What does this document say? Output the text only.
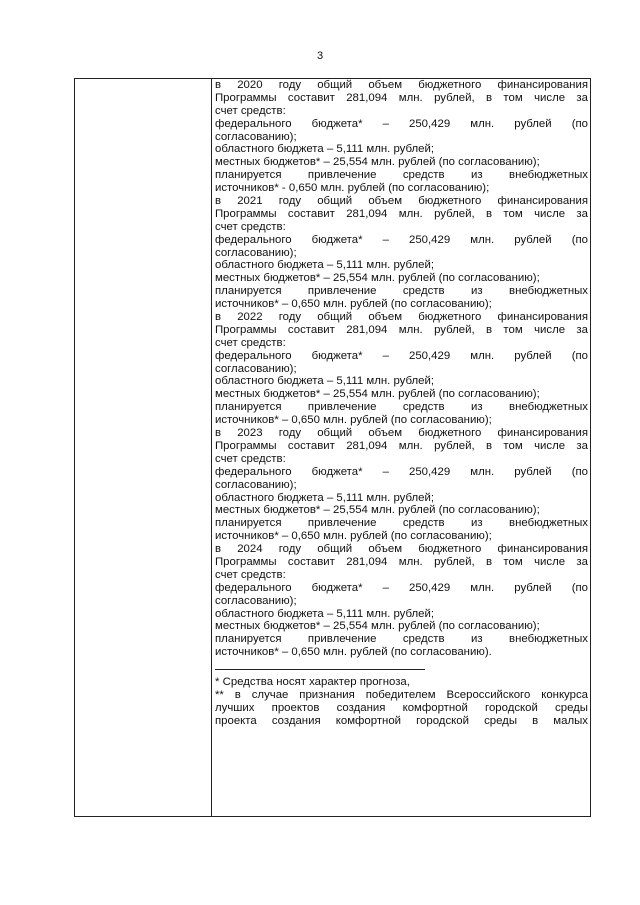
3
в 2020 году общий объем бюджетного финансирования
Программы составит 281,094 млн. рублей, в том числе за
счет средств:
федерального бюджета* – 250,429 млн. рублей (по
согласованию);
областного бюджета – 5,111 млн. рублей;
местных бюджетов* – 25,554 млн. рублей (по согласованию);
планируется привлечение средств из внебюджетных
источников* - 0,650 млн. рублей (по согласованию);
в 2021 году общий объем бюджетного финансирования
Программы составит 281,094 млн. рублей, в том числе за
счет средств:
федерального бюджета* – 250,429 млн. рублей (по
согласованию);
областного бюджета – 5,111 млн. рублей;
местных бюджетов* – 25,554 млн. рублей (по согласованию);
планируется привлечение средств из внебюджетных
источников* – 0,650 млн. рублей (по согласованию);
в 2022 году общий объем бюджетного финансирования
Программы составит 281,094 млн. рублей, в том числе за
счет средств:
федерального бюджета* – 250,429 млн. рублей (по
согласованию);
областного бюджета – 5,111 млн. рублей;
местных бюджетов* – 25,554 млн. рублей (по согласованию);
планируется привлечение средств из внебюджетных
источников* – 0,650 млн. рублей (по согласованию);
в 2023 году общий объем бюджетного финансирования
Программы составит 281,094 млн. рублей, в том числе за
счет средств:
федерального бюджета* – 250,429 млн. рублей (по
согласованию);
областного бюджета – 5,111 млн. рублей;
местных бюджетов* – 25,554 млн. рублей (по согласованию);
планируется привлечение средств из внебюджетных
источников* – 0,650 млн. рублей (по согласованию);
в 2024 году общий объем бюджетного финансирования
Программы составит 281,094 млн. рублей, в том числе за
счет средств:
федерального бюджета* – 250,429 млн. рублей (по
согласованию);
областного бюджета – 5,111 млн. рублей;
местных бюджетов* – 25,554 млн. рублей (по согласованию);
планируется привлечение средств из внебюджетных
источников* – 0,650 млн. рублей (по согласованию).
* Средства носят характер прогноза,
** в случае признания победителем Всероссийского конкурса
лучших проектов создания комфортной городской среды
проекта создания комфортной городской среды в малых
